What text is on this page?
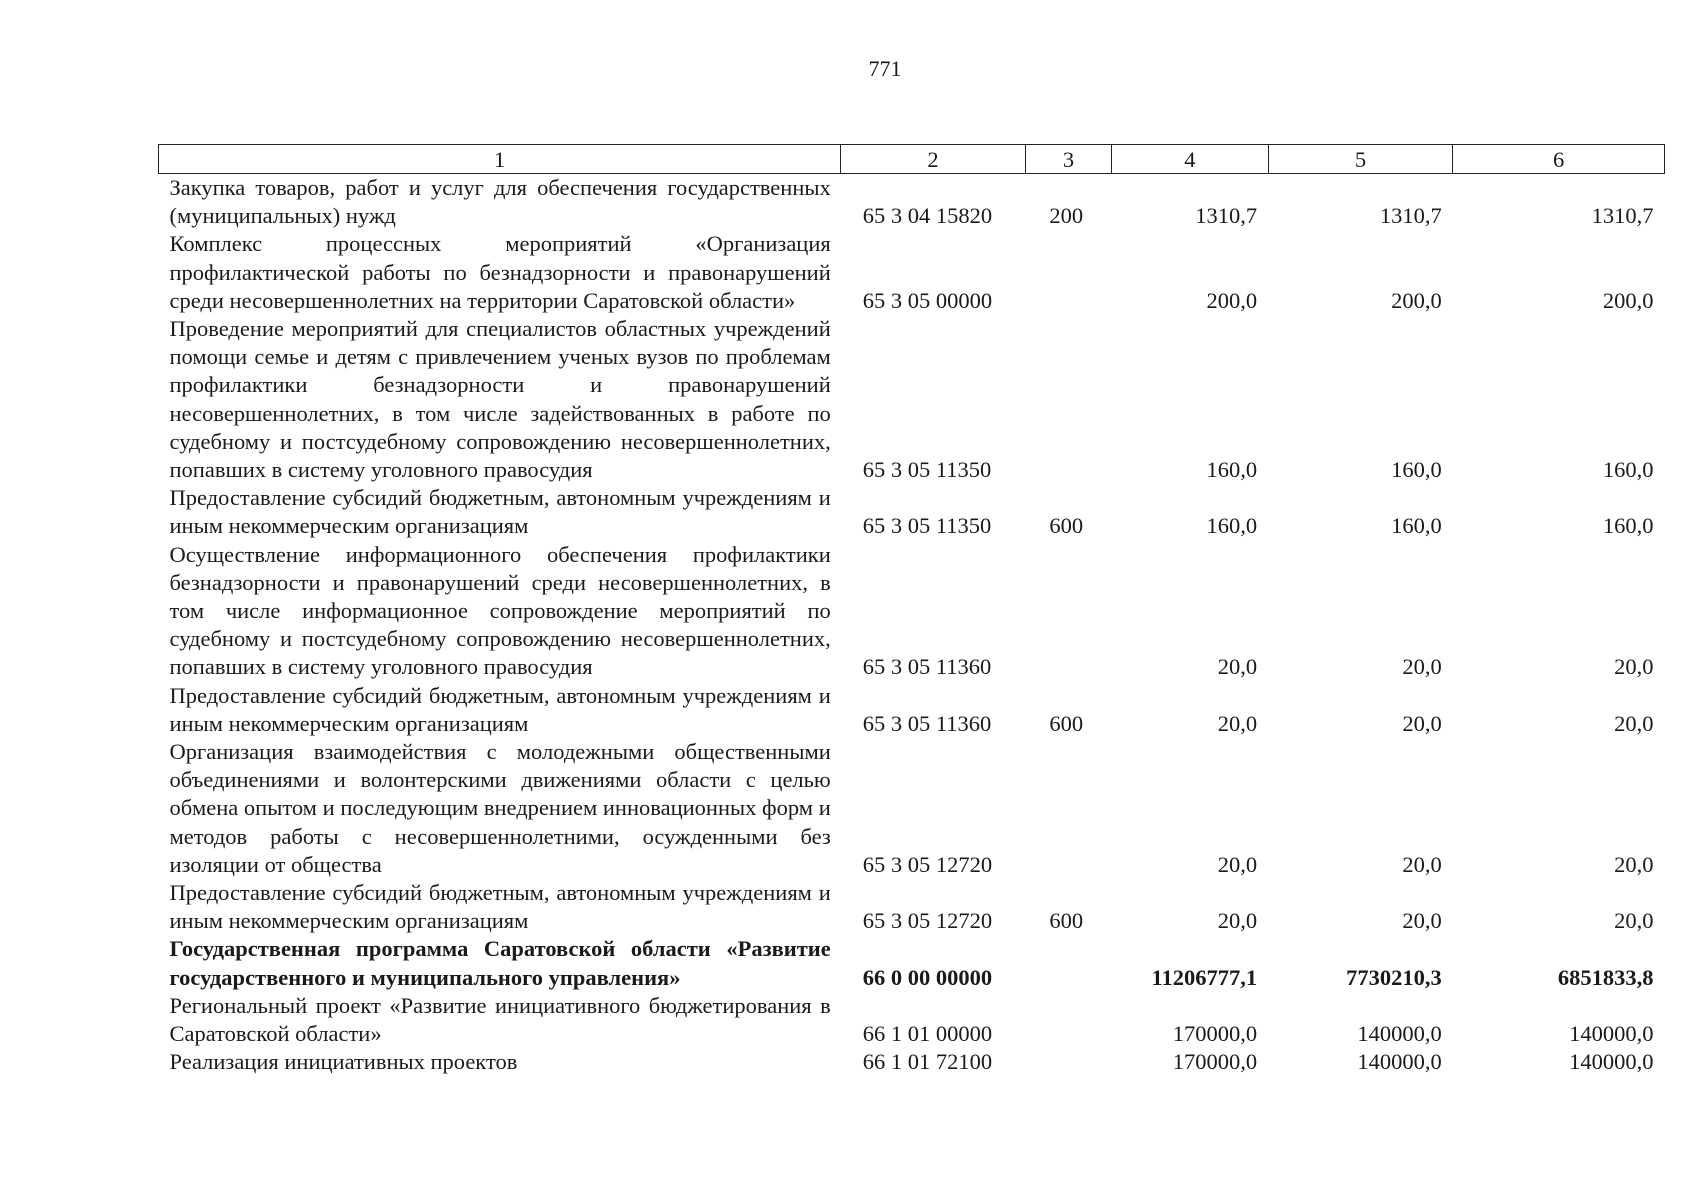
771
1	2	3	4	5	6
Закупка товаров, работ и услуг для обеспечения государственных (муниципальных) нужд	65 3 04 15820	200	1310,7	1310,7	1310,7
Комплекс процессных мероприятий «Организация профилактической работы по безнадзорности и правонарушений среди несовершеннолетних на территории Саратовской области»	65 3 05 00000		200,0	200,0	200,0
Проведение мероприятий для специалистов областных учреждений помощи семье и детям с привлечением ученых вузов по проблемам профилактики безнадзорности и правонарушений несовершеннолетних, в том числе задействованных в работе по судебному и постсудебному сопровождению несовершеннолетних, попавших в систему уголовного правосудия	65 3 05 11350		160,0	160,0	160,0
Предоставление субсидий бюджетным, автономным учреждениям и иным некоммерческим организациям	65 3 05 11350	600	160,0	160,0	160,0
Осуществление информационного обеспечения профилактики безнадзорности и правонарушений среди несовершеннолетних, в том числе информационное сопровождение мероприятий по судебному и постсудебному сопровождению несовершеннолетних, попавших в систему уголовного правосудия	65 3 05 11360		20,0	20,0	20,0
Предоставление субсидий бюджетным, автономным учреждениям и иным некоммерческим организациям	65 3 05 11360	600	20,0	20,0	20,0
Организация взаимодействия с молодежными общественными объединениями и волонтерскими движениями области с целью обмена опытом и последующим внедрением инновационных форм и методов работы с несовершеннолетними, осужденными без изоляции от общества	65 3 05 12720		20,0	20,0	20,0
Предоставление субсидий бюджетным, автономным учреждениям и иным некоммерческим организациям	65 3 05 12720	600	20,0	20,0	20,0
Государственная программа Саратовской области «Развитие государственного и муниципального управления»	66 0 00 00000		11206777,1	7730210,3	6851833,8
Региональный проект «Развитие инициативного бюджетирования в Саратовской области»	66 1 01 00000		170000,0	140000,0	140000,0
Реализация инициативных проектов	66 1 01 72100		170000,0	140000,0	140000,0
